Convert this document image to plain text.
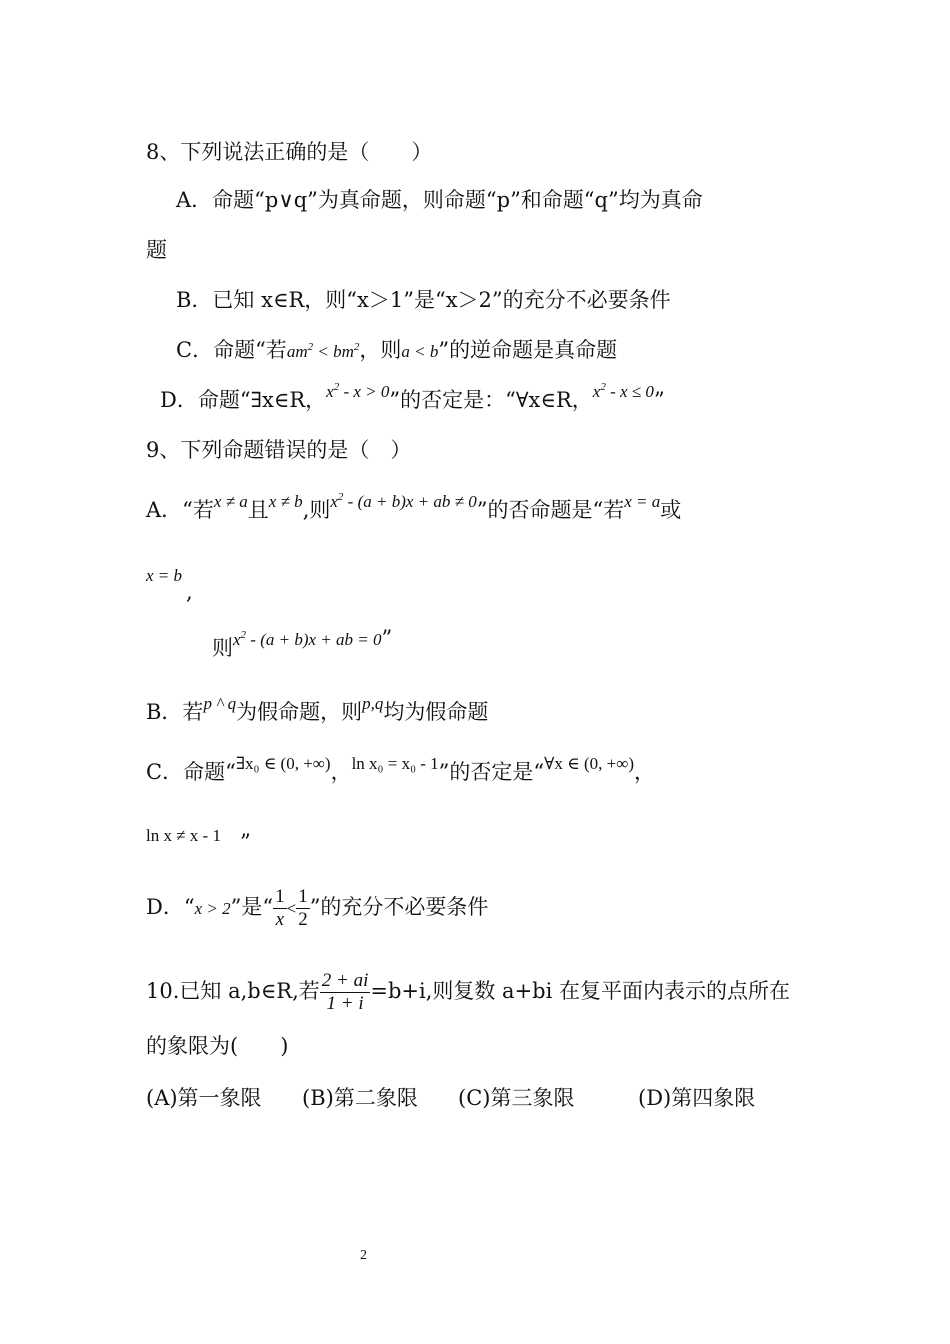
8、下列说法正确的是（　　）
A．命题“p∨q”为真命题，则命题“p”和命题“q”均为真命
题
B．已知 x∈R，则“x＞1”是“x＞2”的充分不必要条件
C．命题“若$am^2 < bm^2$，则a < b”的逆命题是真命题
D．命题“∃x∈R，$^{x^2 - x > 0}$”的否定是：“∀x∈R，$^{x^2 - x \le 0}$”
9、下列命题错误的是（　）
A．“若$^{x \ne a}$且$^{x \ne b}$,则$^{x^2 - (a + b)x + ab \ne 0}$”的否命题是“若$^{x = a}$或
x = b
,
则$^{x^2 - (a + b)x + ab = 0}$”
B．若$^{p \^{} q}$为假命题，则$^{p,q}$均为假命题
C．命题“$^{\exists x_0 \in (0, +\infty)}$，$^{ln x_0 = x_0 - 1}$”的否定是“$^{\forall x \in (0, +\infty)}$，
ln x ≠ x - 1 ”
D．“x > 2”是“ $\frac{1}{x} < \frac{1}{2}$ ”的充分不必要条件
10.已知 a,b∈R,若 $\frac{2 + ai}{1 + i} =b+i$,则复数 a+bi 在复平面内表示的点所在
的象限为(　　)
(A)第一象限 (B)第二象限 (C)第三象限	(D)第四象限
2
